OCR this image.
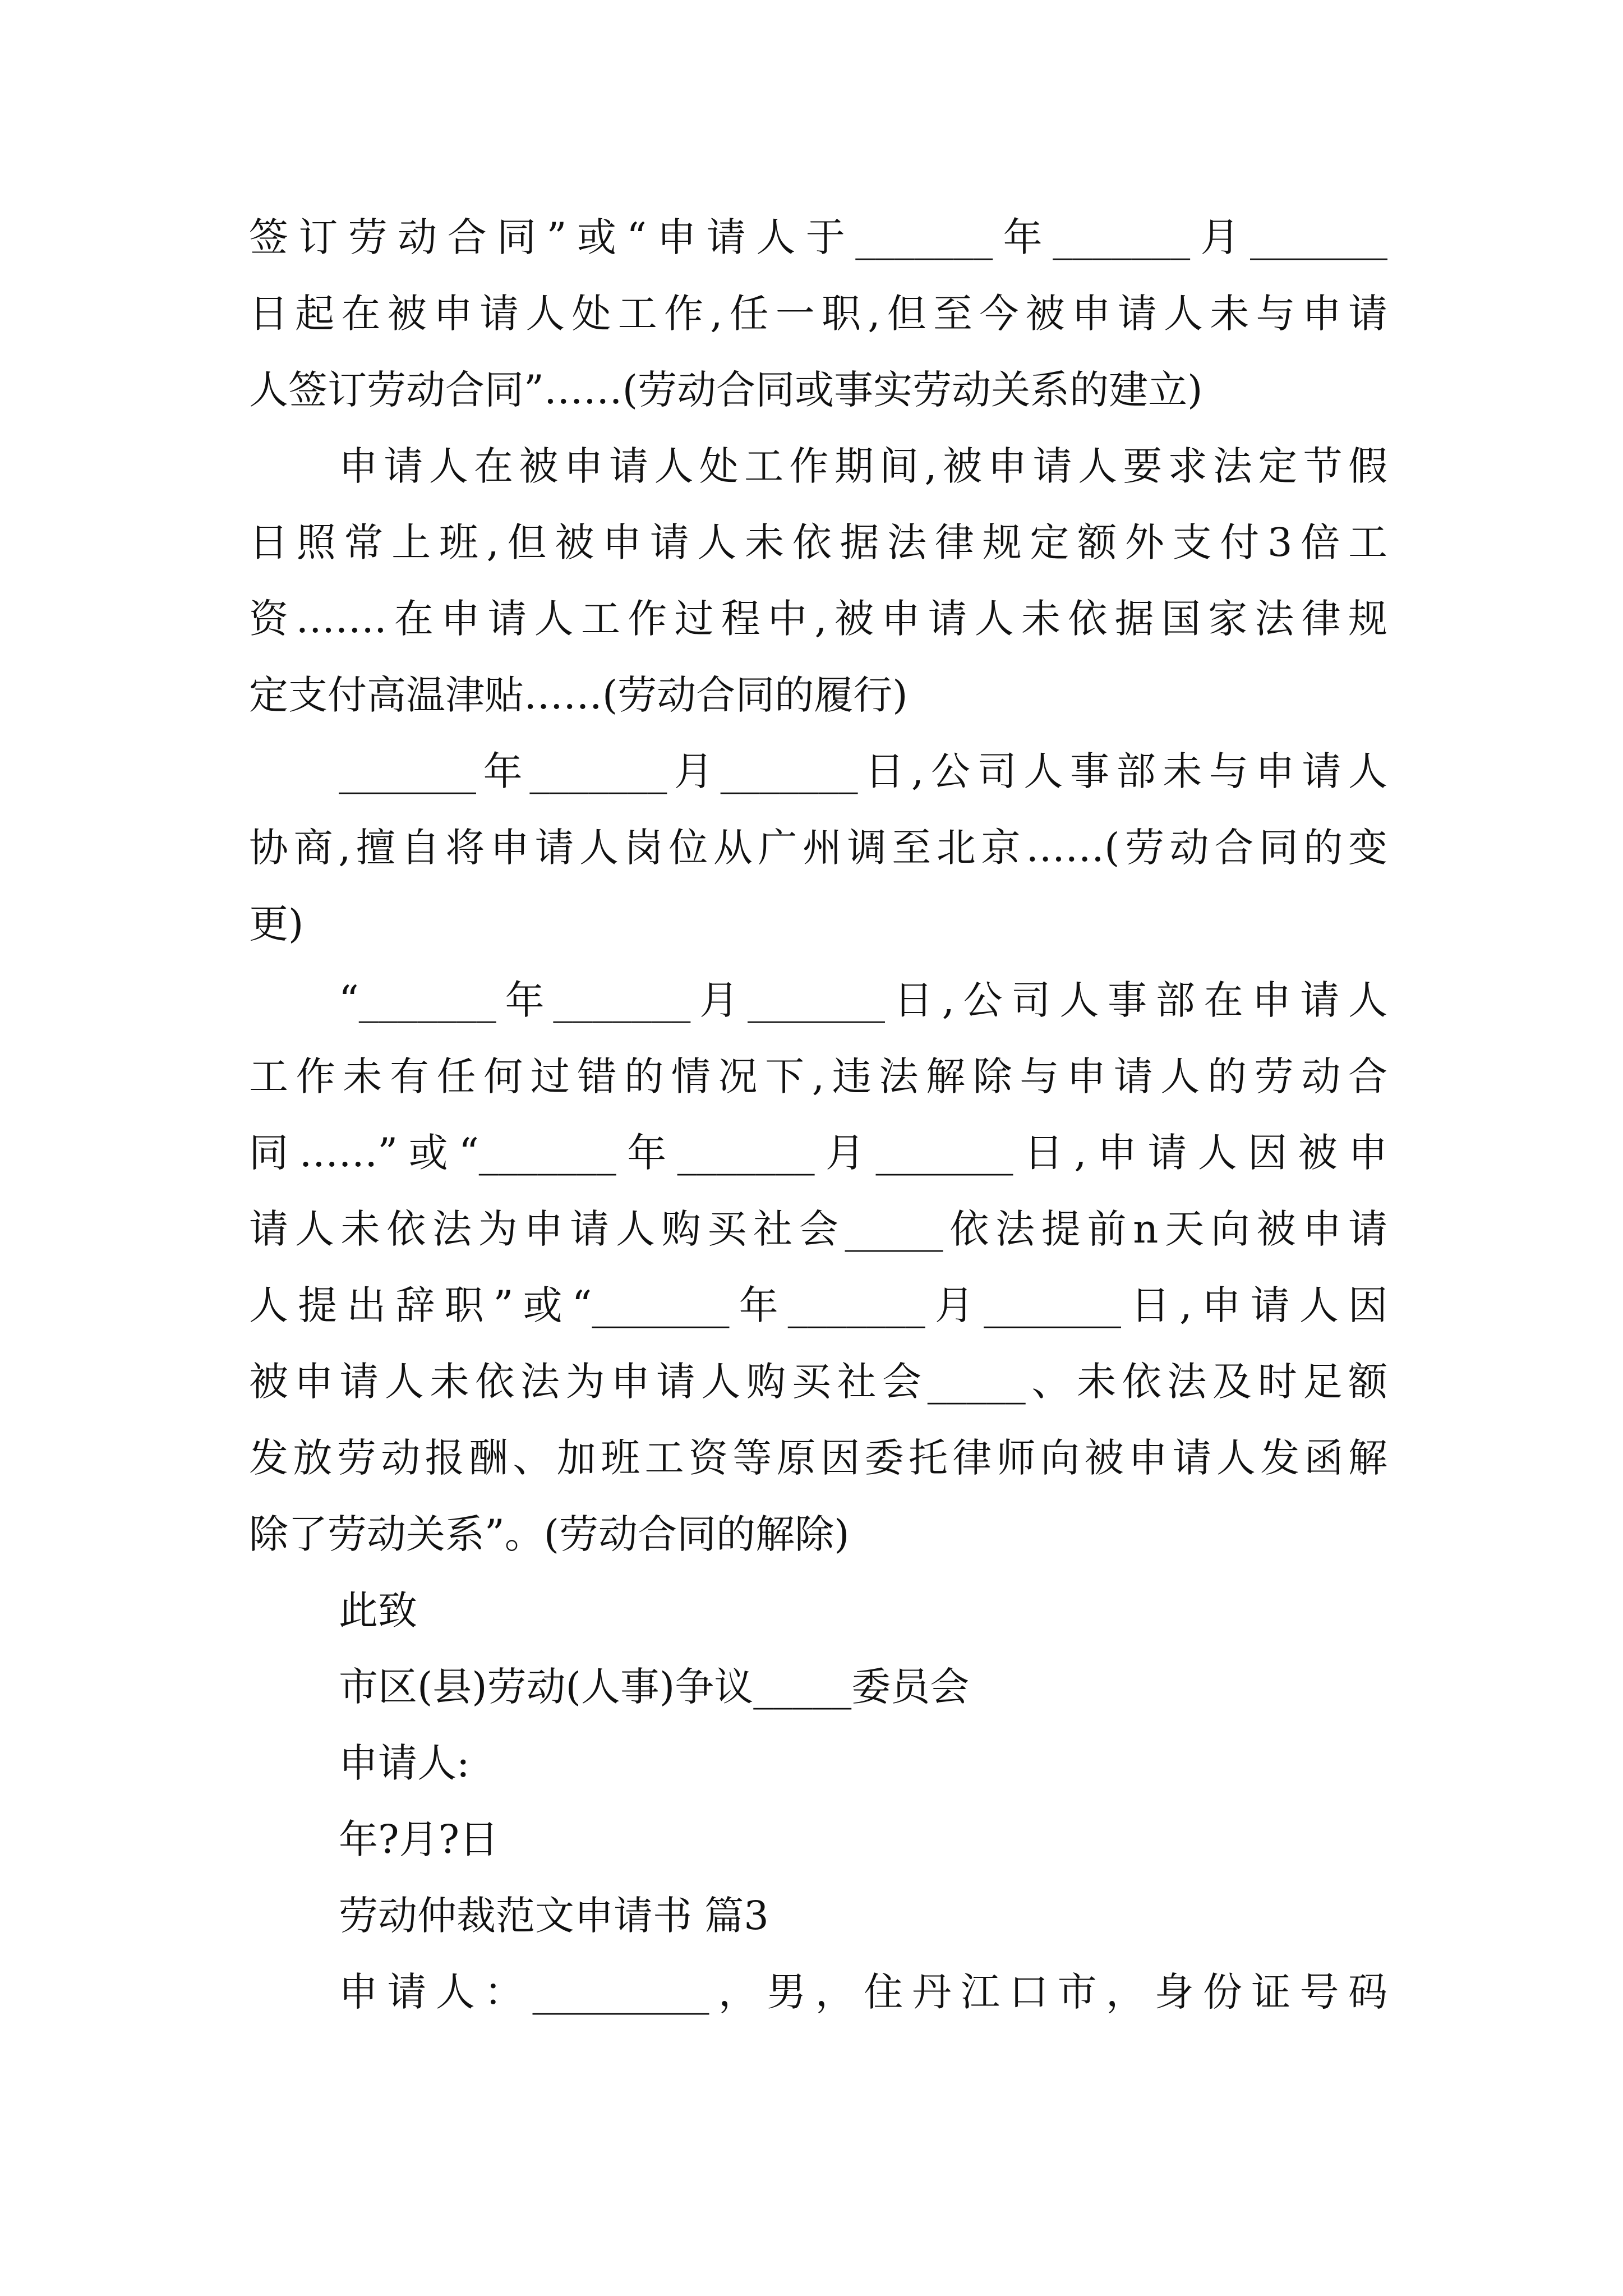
签订劳动合同”或“申请人于_______年_______月_______
日起在被申请人处工作,任一职,但至今被申请人未与申请
人签订劳动合同”……(劳动合同或事实劳动关系的建立)
申请人在被申请人处工作期间,被申请人要求法定节假
日照常上班,但被申请人未依据法律规定额外支付3倍工
资…….在申请人工作过程中,被申请人未依据国家法律规
定支付高温津贴……(劳动合同的履行)
_______年_______月_______日,公司人事部未与申请人
协商,擅自将申请人岗位从广州调至北京……(劳动合同的变
更)
“_______年_______月_______日,公司人事部在申请人
工作未有任何过错的情况下,违法解除与申请人的劳动合
同……”或“_______年_______月_______日,申请人因被申
请人未依法为申请人购买社会_____依法提前n天向被申请
人提出辞职”或“_______年_______月_______日,申请人因
被申请人未依法为申请人购买社会_____、未依法及时足额
发放劳动报酬、加班工资等原因委托律师向被申请人发函解
除了劳动关系”。(劳动合同的解除)
此致
市区(县)劳动(人事)争议_____委员会
申请人:
年?月?日
劳动仲裁范文申请书 篇3
申请人：_________，男，住丹江口市，身份证号码
